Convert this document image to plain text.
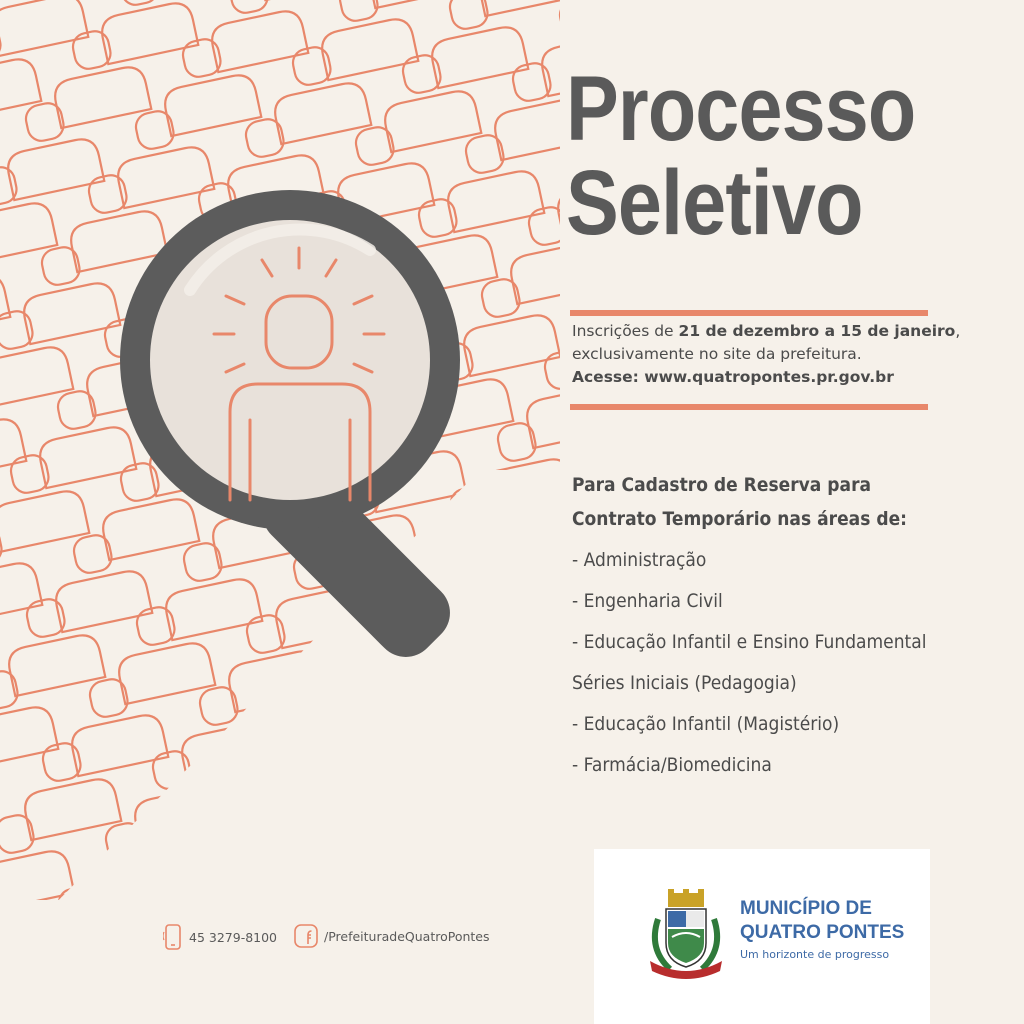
Processo
Seletivo
Inscrições de 21 de dezembro a 15 de janeiro,
exclusivamente no site da prefeitura.
Acesse: www.quatropontes.pr.gov.br
Para Cadastro de Reserva para
Contrato Temporário nas áreas de:
- Administração
- Engenharia Civil
- Educação Infantil e Ensino Fundamental
Séries Iniciais (Pedagogia)
- Educação Infantil (Magistério)
- Farmácia/Biomedicina
45 3279-8100	/PrefeituradeQuatroPontes
MUNICÍPIO DE
QUATRO PONTES
Um horizonte de progresso
